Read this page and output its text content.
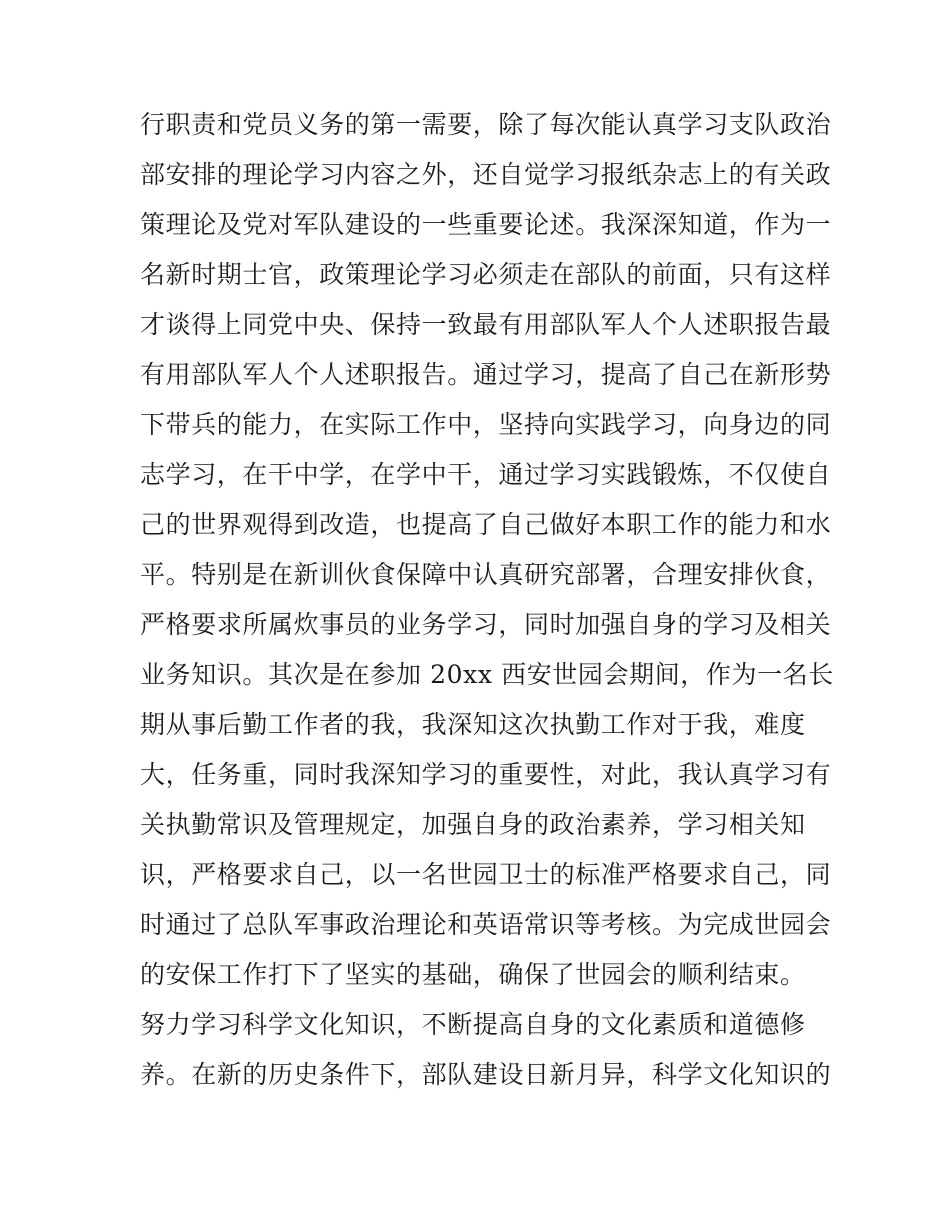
行职责和党员义务的第一需要，除了每次能认真学习支队政治
部安排的理论学习内容之外，还自觉学习报纸杂志上的有关政
策理论及党对军队建设的一些重要论述。我深深知道，作为一
名新时期士官，政策理论学习必须走在部队的前面，只有这样
才谈得上同党中央、保持一致最有用部队军人个人述职报告最
有用部队军人个人述职报告。通过学习，提高了自己在新形势
下带兵的能力，在实际工作中，坚持向实践学习，向身边的同
志学习，在干中学，在学中干，通过学习实践锻炼，不仅使自
己的世界观得到改造，也提高了自己做好本职工作的能力和水
平。特别是在新训伙食保障中认真研究部署，合理安排伙食，
严格要求所属炊事员的业务学习，同时加强自身的学习及相关
业务知识。其次是在参加 20xx 西安世园会期间，作为一名长
期从事后勤工作者的我，我深知这次执勤工作对于我，难度
大，任务重，同时我深知学习的重要性，对此，我认真学习有
关执勤常识及管理规定，加强自身的政治素养，学习相关知
识，严格要求自己，以一名世园卫士的标准严格要求自己，同
时通过了总队军事政治理论和英语常识等考核。为完成世园会
的安保工作打下了坚实的基础，确保了世园会的顺利结束。
努力学习科学文化知识，不断提高自身的文化素质和道德修
养。在新的历史条件下，部队建设日新月异，科学文化知识的
